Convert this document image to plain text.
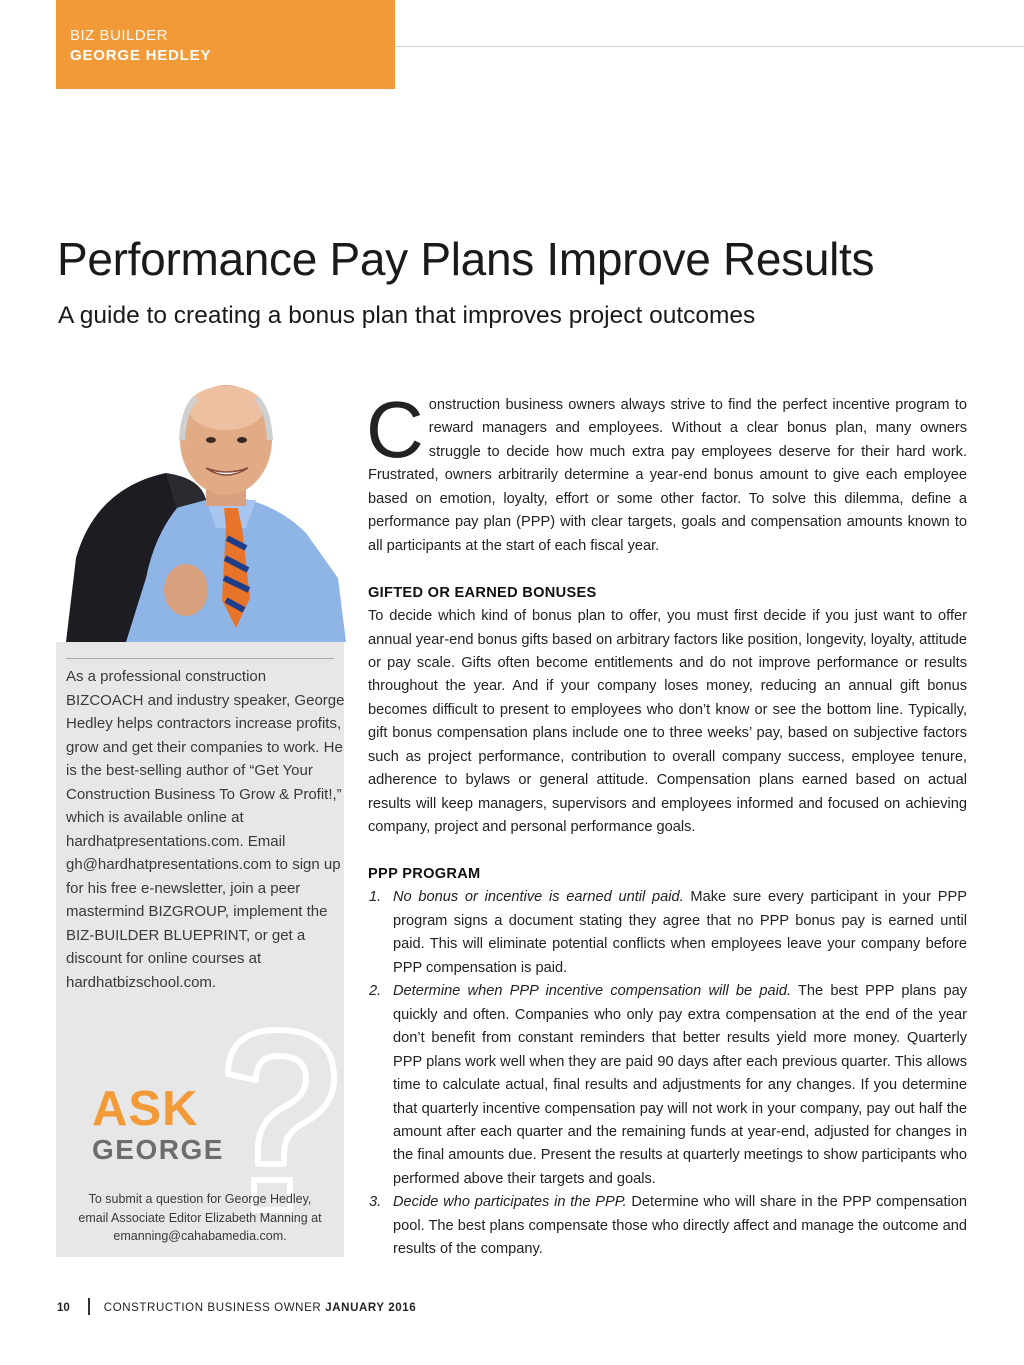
BIZ BUILDER
GEORGE HEDLEY
Performance Pay Plans Improve Results
A guide to creating a bonus plan that improves project outcomes
As a professional construction BIZCOACH and industry speaker, George Hedley helps contractors increase profits, grow and get their companies to work. He is the best-selling author of “Get Your Construction Business To Grow & Profit!,” which is available online at hardhatpresentations.com. Email gh@hardhatpresentations.com to sign up for his free e-newsletter, join a peer mastermind BIZGROUP, implement the BIZ-BUILDER BLUEPRINT, or get a discount for online courses at hardhatbizschool.com.
ASK
GEORGE
To submit a question for George Hedley, email Associate Editor Elizabeth Manning at emanning@cahabamedia.com.

Construction business owners always strive to find the perfect incentive program to reward managers and employees. Without a clear bonus plan, many owners struggle to decide how much extra pay employees deserve for their hard work. Frustrated, owners arbitrarily determine a year-end bonus amount to give each employee based on emotion, loyalty, effort or some other factor. To solve this dilemma, define a performance pay plan (PPP) with clear targets, goals and compensation amounts known to all participants at the start of each fiscal year.

GIFTED OR EARNED BONUSES

To decide which kind of bonus plan to offer, you must first decide if you just want to offer annual year-end bonus gifts based on arbitrary factors like position, longevity, loyalty, attitude or pay scale. Gifts often become entitlements and do not improve performance or results throughout the year. And if your company loses money, reducing an annual gift bonus becomes difficult to present to employees who don’t know or see the bottom line. Typically, gift bonus compensation plans include one to three weeks’ pay, based on subjective factors such as project performance, contribution to overall company success, employee tenure, adherence to bylaws or general attitude. Compensation plans earned based on actual results will keep managers, supervisors and employees informed and focused on achieving company, project and personal performance goals.

PPP PROGRAM
1. No bonus or incentive is earned until paid. Make sure every participant in your PPP program signs a document stating they agree that no PPP bonus pay is earned until paid. This will eliminate potential conflicts when employees leave your company before PPP compensation is paid.
2. Determine when PPP incentive compensation will be paid. The best PPP plans pay quickly and often. Companies who only pay extra compensation at the end of the year don’t benefit from constant reminders that better results yield more money. Quarterly PPP plans work well when they are paid 90 days after each previous quarter. This allows time to calculate actual, final results and adjustments for any changes. If you determine that quarterly incentive compensation pay will not work in your company, pay out half the amount after each quarter and the remaining funds at year-end, adjusted for changes in the final amounts due. Present the results at quarterly meetings to show participants who performed above their targets and goals.
3. Decide who participates in the PPP. Determine who will share in the PPP compensation pool. The best plans compensate those who directly affect and manage the outcome and results of the company.
10	CONSTRUCTION BUSINESS OWNER JANUARY 2016
